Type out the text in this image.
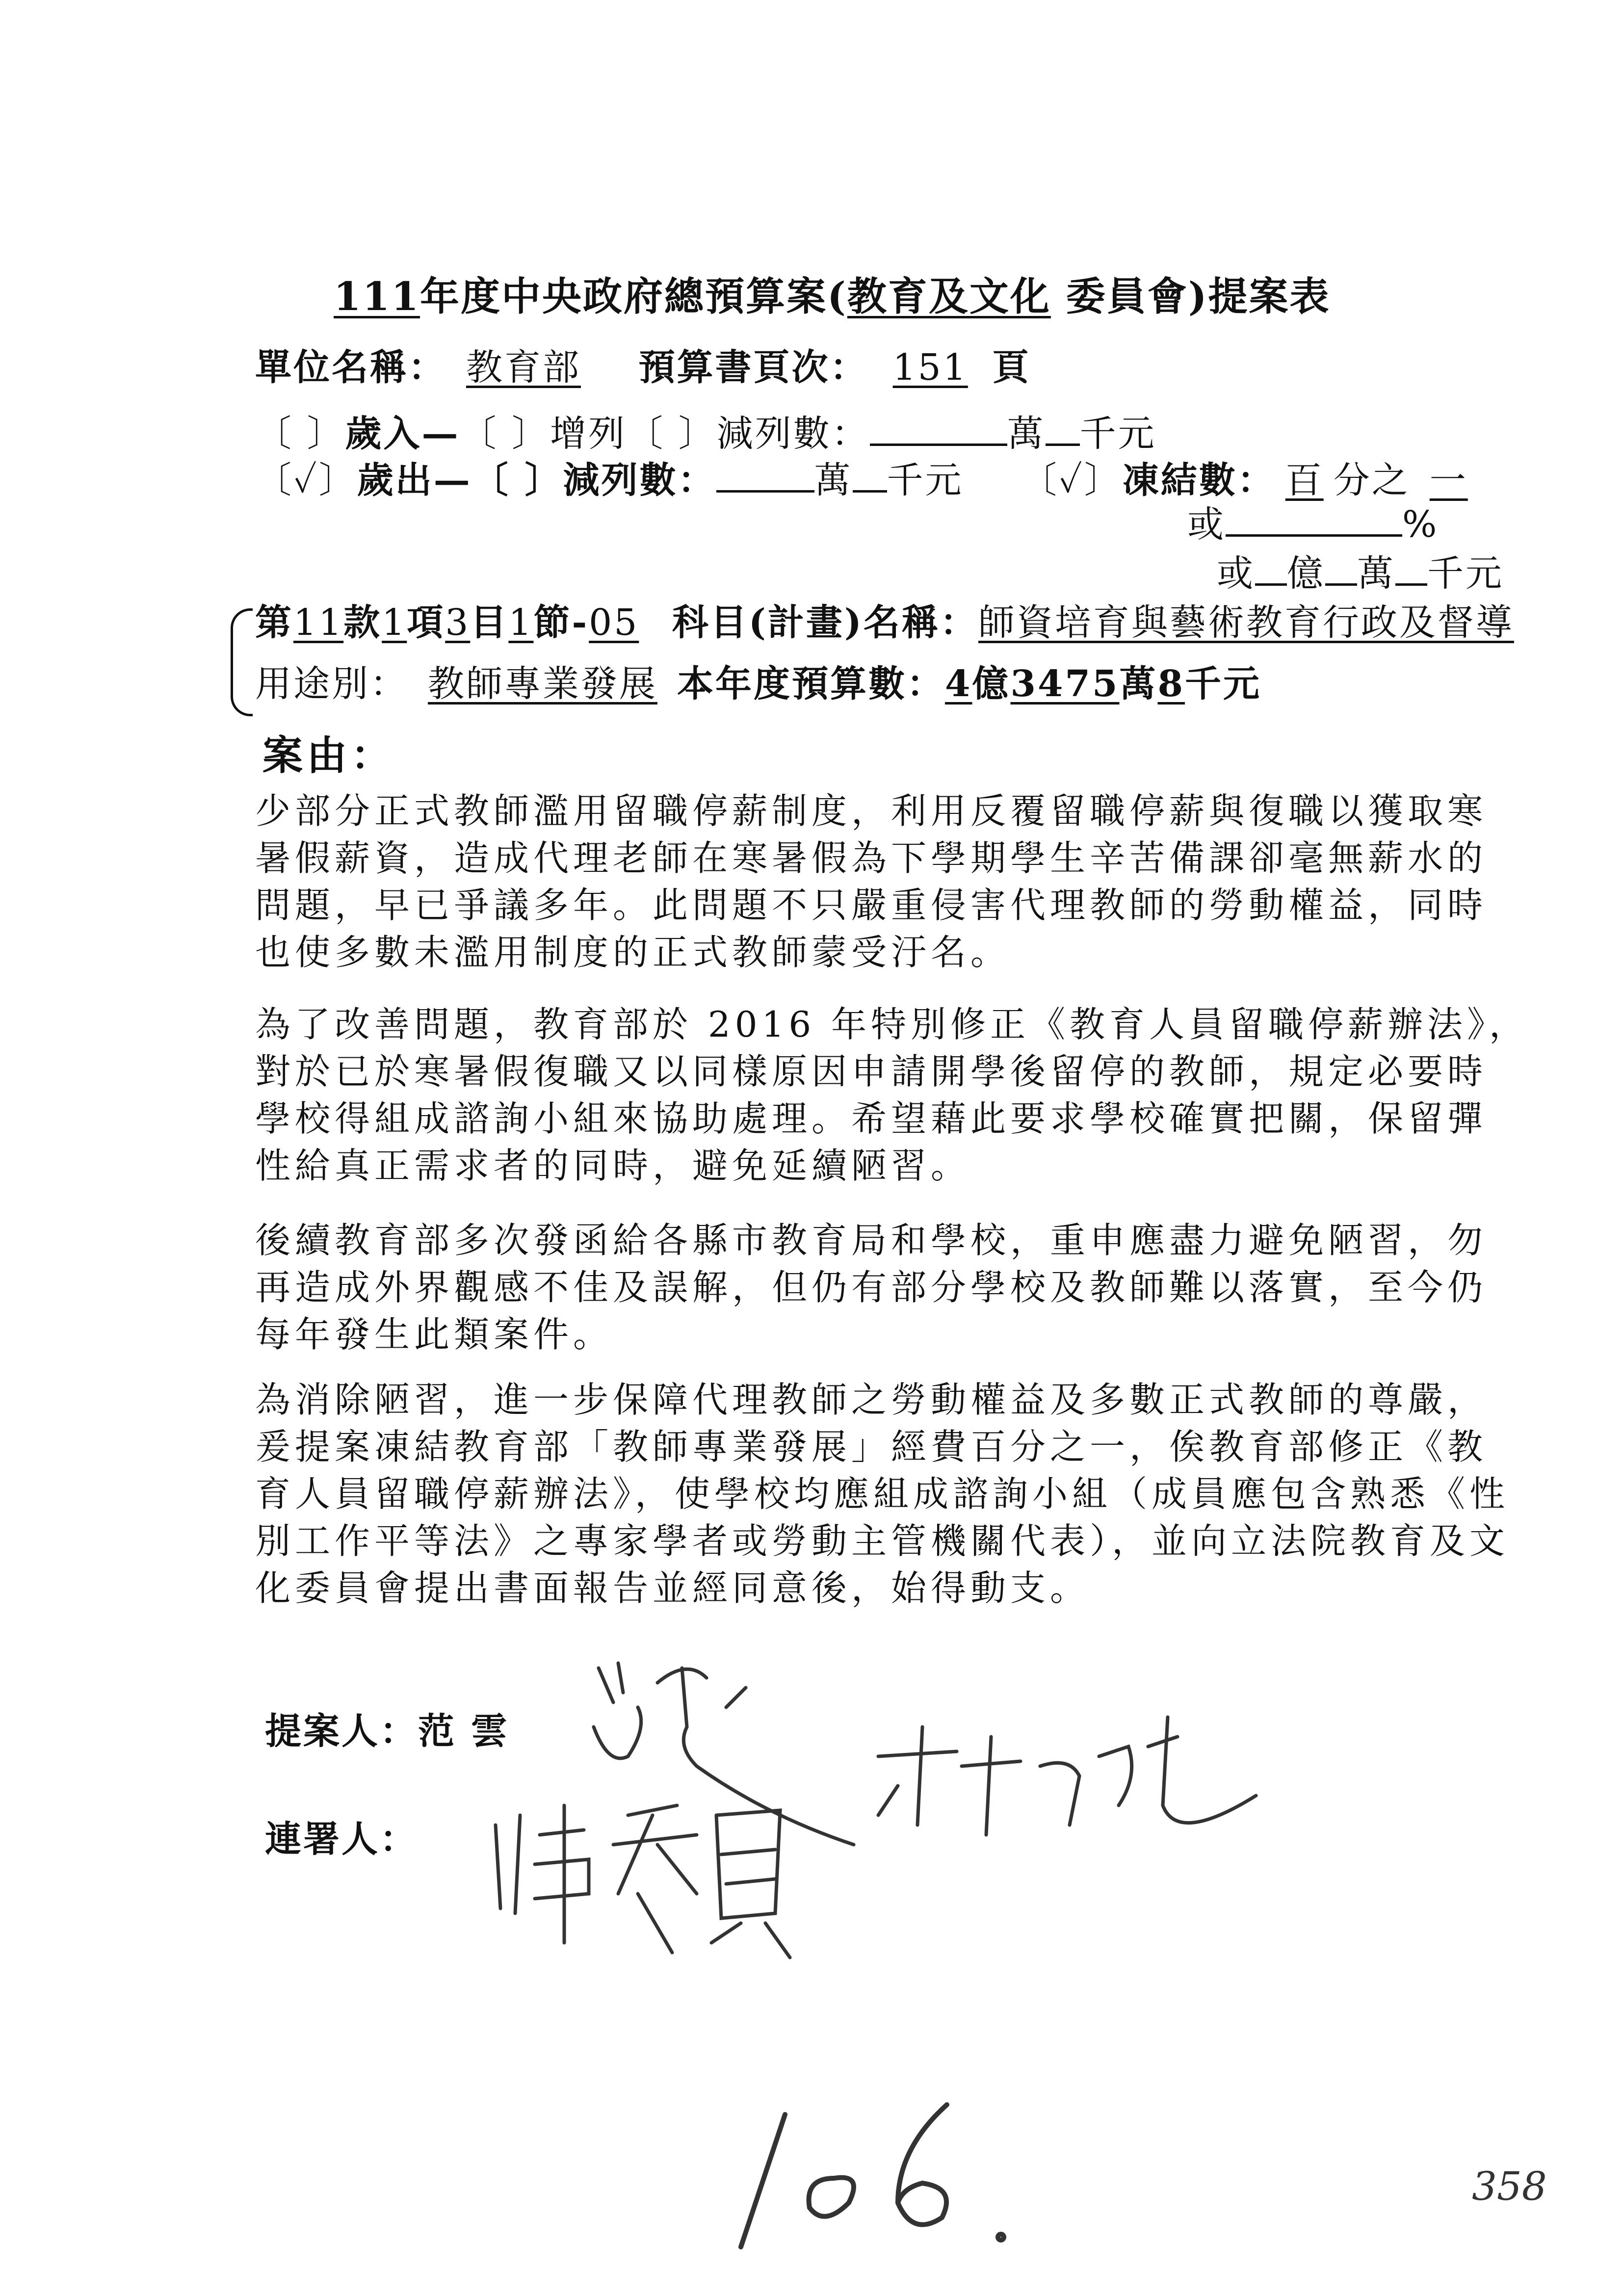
111年度中央政府總預算案(教育及文化 委員會)提案表
單位名稱： 教育部 預算書頁次： 151 頁
〔 〕歲入—〔 〕增列〔 〕減列數：	萬 千元
〔✓〕歲出—〔 〕減列數：	萬 千元 〔✓〕凍結數： 百 分之 一
或	%
或 億 萬 千元
第11款1項3目1節-05 科目(計畫)名稱：師資培育與藝術教育行政及督導
用途別： 教師專業發展 本年度預算數：4億3475萬8千元
案由：
少部分正式教師濫用留職停薪制度，利用反覆留職停薪與復職以獲取寒
暑假薪資，造成代理老師在寒暑假為下學期學生辛苦備課卻毫無薪水的
問題，早已爭議多年。此問題不只嚴重侵害代理教師的勞動權益，同時
也使多數未濫用制度的正式教師蒙受汙名。
為了改善問題，教育部於 2016 年特別修正《教育人員留職停薪辦法》，
對於已於寒暑假復職又以同樣原因申請開學後留停的教師，規定必要時
學校得組成諮詢小組來協助處理。希望藉此要求學校確實把關，保留彈
性給真正需求者的同時，避免延續陋習。
後續教育部多次發函給各縣市教育局和學校，重申應盡力避免陋習，勿
再造成外界觀感不佳及誤解，但仍有部分學校及教師難以落實，至今仍
每年發生此類案件。
為消除陋習，進一步保障代理教師之勞動權益及多數正式教師的尊嚴，
爰提案凍結教育部「教師專業發展」經費百分之一，俟教育部修正《教
育人員留職停薪辦法》，使學校均應組成諮詢小組（成員應包含熟悉《性
別工作平等法》之專家學者或勞動主管機關代表），並向立法院教育及文
化委員會提出書面報告並經同意後，始得動支。
提案人：范 雲
連署人：
358
